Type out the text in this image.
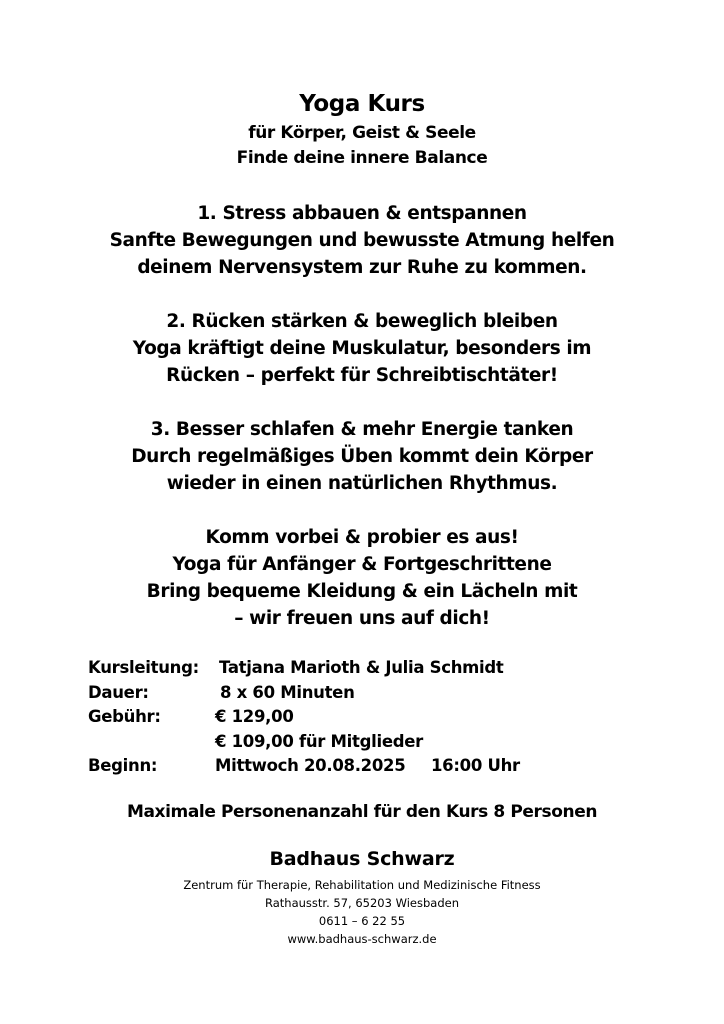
Yoga Kurs
für Körper, Geist & Seele
Finde deine innere Balance
1. Stress abbauen & entspannen
Sanfte Bewegungen und bewusste Atmung helfen
deinem Nervensystem zur Ruhe zu kommen.
2. Rücken stärken & beweglich bleiben
Yoga kräftigt deine Muskulatur, besonders im
Rücken – perfekt für Schreibtischtäter!
3. Besser schlafen & mehr Energie tanken
Durch regelmäßiges Üben kommt dein Körper
wieder in einen natürlichen Rhythmus.
Komm vorbei & probier es aus!
Yoga für Anfänger & Fortgeschrittene
Bring bequeme Kleidung & ein Lächeln mit
– wir freuen uns auf dich!
Kursleitung: Tatjana Marioth & Julia Schmidt
Dauer:	8 x 60 Minuten
Gebühr:	€ 129,00
€ 109,00 für Mitglieder
Beginn:	Mittwoch 20.08.2025 16:00 Uhr
Maximale Personenanzahl für den Kurs 8 Personen
Badhaus Schwarz
Zentrum für Therapie, Rehabilitation und Medizinische Fitness
Rathausstr. 57, 65203 Wiesbaden
0611 – 6 22 55
www.badhaus-schwarz.de
